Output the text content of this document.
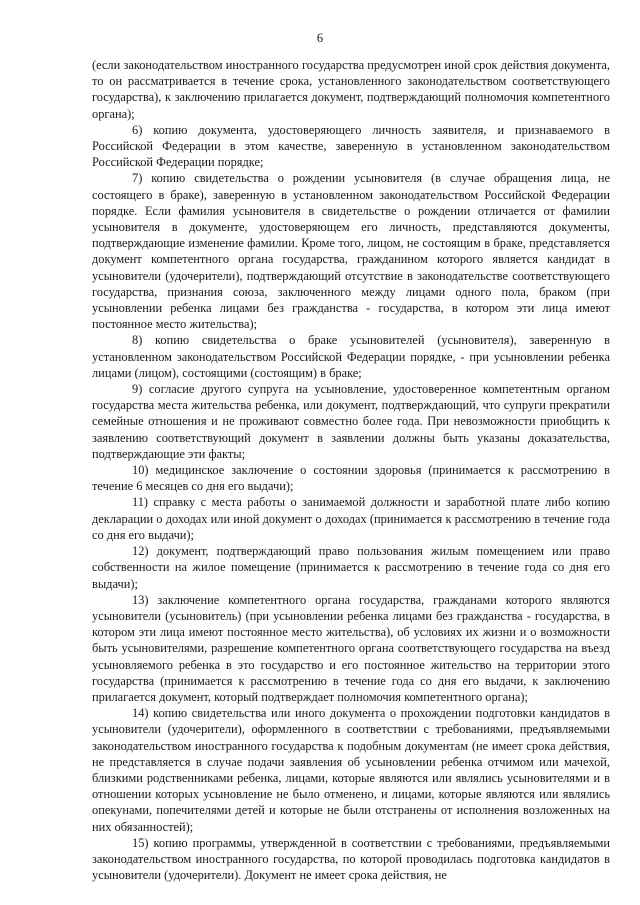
6

(если законодательством иностранного государства предусмотрен иной срок действия документа, то он рассматривается в течение срока, установленного законодательством соответствующего государства), к заключению прилагается документ, подтверждающий полномочия компетентного органа);

6) копию документа, удостоверяющего личность заявителя, и признаваемого в Российской Федерации в этом качестве, заверенную в установленном законодательством Российской Федерации порядке;

7) копию свидетельства о рождении усыновителя (в случае обращения лица, не состоящего в браке), заверенную в установленном законодательством Российской Федерации порядке. Если фамилия усыновителя в свидетельстве о рождении отличается от фамилии усыновителя в документе, удостоверяющем его личность, представляются документы, подтверждающие изменение фамилии. Кроме того, лицом, не состоящим в браке, представляется документ компетентного органа государства, гражданином которого является кандидат в усыновители (удочерители), подтверждающий отсутствие в законодательстве соответствующего государства, признания союза, заключенного между лицами одного пола, браком (при усыновлении ребенка лицами без гражданства - государства, в котором эти лица имеют постоянное место жительства);

8) копию свидетельства о браке усыновителей (усыновителя), заверенную в установленном законодательством Российской Федерации порядке, - при усыновлении ребенка лицами (лицом), состоящими (состоящим) в браке;

9) согласие другого супруга на усыновление, удостоверенное компетентным органом государства места жительства ребенка, или документ, подтверждающий, что супруги прекратили семейные отношения и не проживают совместно более года. При невозможности приобщить к заявлению соответствующий документ в заявлении должны быть указаны доказательства, подтверждающие эти факты;

10) медицинское заключение о состоянии здоровья (принимается к рассмотрению в течение 6 месяцев со дня его выдачи);

11) справку с места работы о занимаемой должности и заработной плате либо копию декларации о доходах или иной документ о доходах (принимается к рассмотрению в течение года со дня его выдачи);

12) документ, подтверждающий право пользования жилым помещением или право собственности на жилое помещение (принимается к рассмотрению в течение года со дня его выдачи);

13) заключение компетентного органа государства, гражданами которого являются усыновители (усыновитель) (при усыновлении ребенка лицами без гражданства - государства, в котором эти лица имеют постоянное место жительства), об условиях их жизни и о возможности быть усыновителями, разрешение компетентного органа соответствующего государства на въезд усыновляемого ребенка в это государство и его постоянное жительство на территории этого государства (принимается к рассмотрению в течение года со дня его выдачи, к заключению прилагается документ, который подтверждает полномочия компетентного органа);

14) копию свидетельства или иного документа о прохождении подготовки кандидатов в усыновители (удочерители), оформленного в соответствии с требованиями, предъявляемыми законодательством иностранного государства к подобным документам (не имеет срока действия, не представляется в случае подачи заявления об усыновлении ребенка отчимом или мачехой, близкими родственниками ребенка, лицами, которые являются или являлись усыновителями и в отношении которых усыновление не было отменено, и лицами, которые являются или являлись опекунами, попечителями детей и которые не были отстранены от исполнения возложенных на них обязанностей);

15) копию программы, утвержденной в соответствии с требованиями, предъявляемыми законодательством иностранного государства, по которой проводилась подготовка кандидатов в усыновители (удочерители). Документ не имеет срока действия, не
